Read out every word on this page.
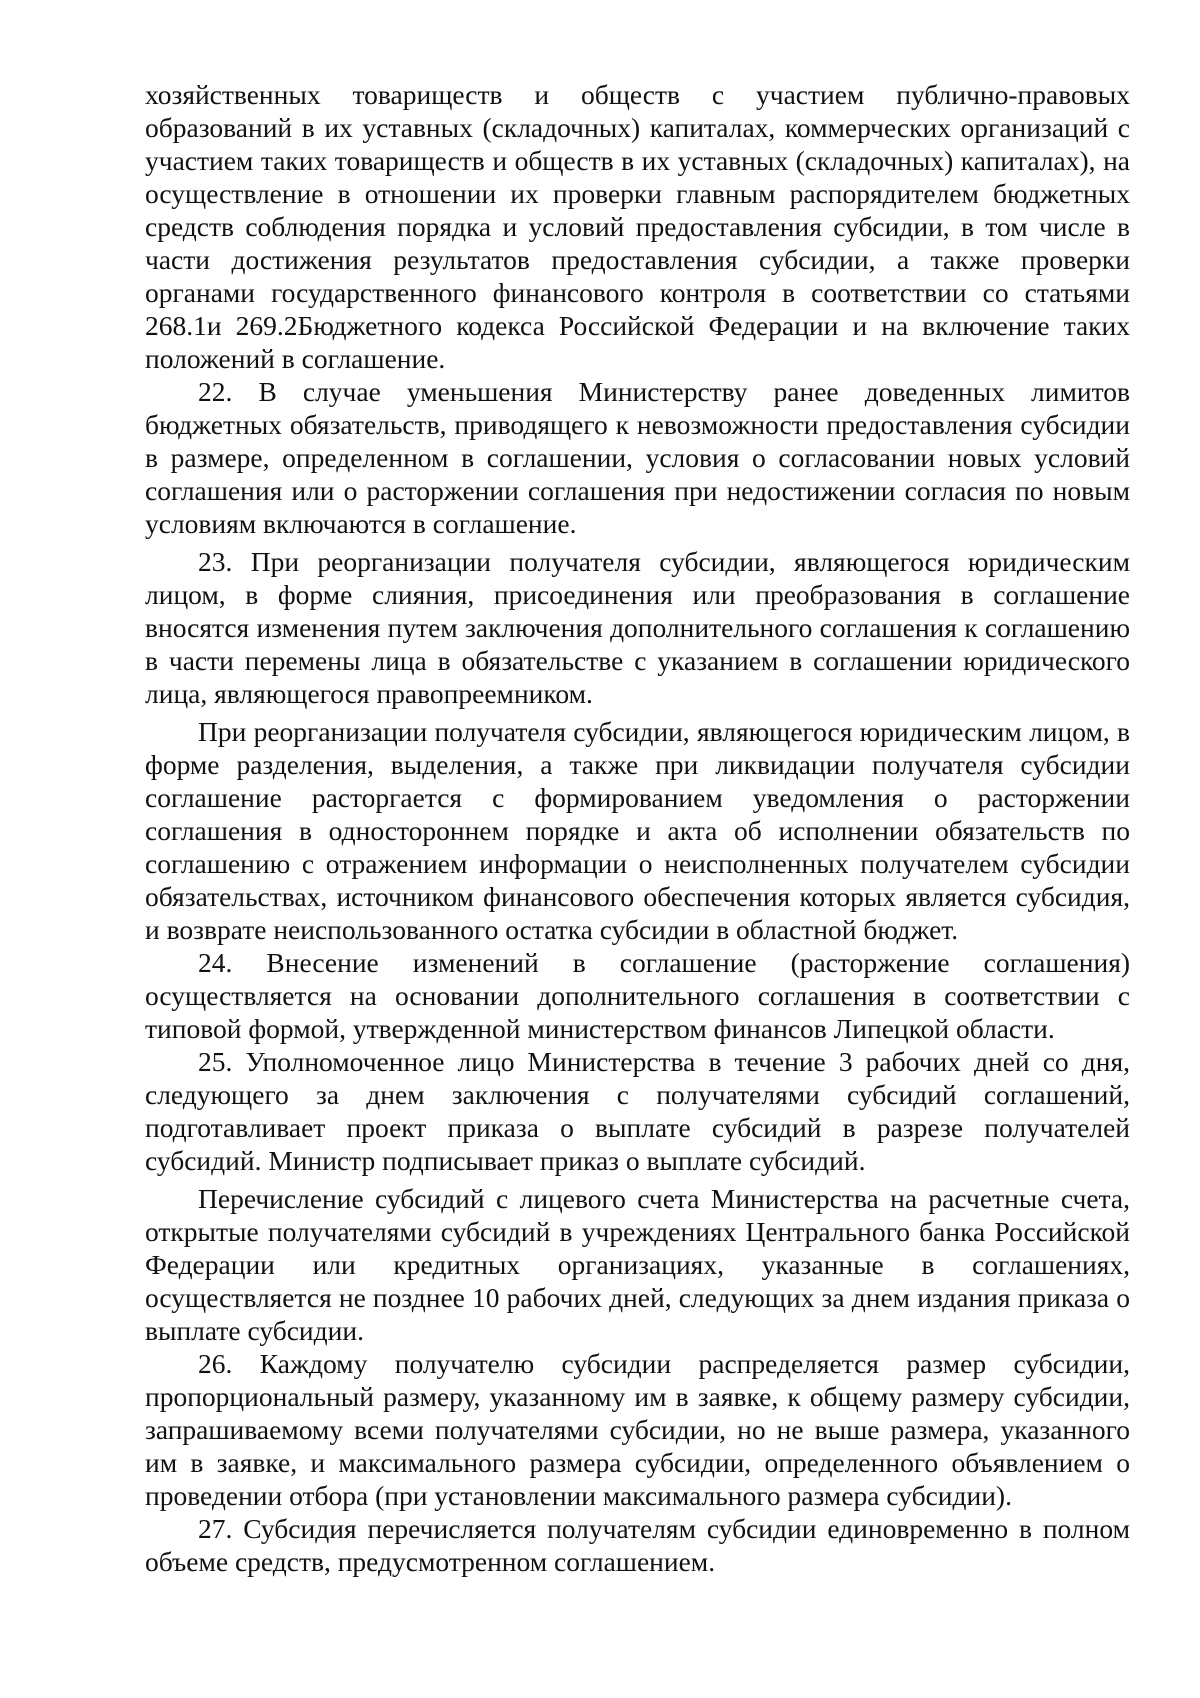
хозяйственных товариществ и обществ с участием публично-правовых образований в их уставных (складочных) капиталах, коммерческих организаций с участием таких товариществ и обществ в их уставных (складочных) капиталах), на осуществление в отношении их проверки главным распорядителем бюджетных средств соблюдения порядка и условий предоставления субсидии, в том числе в части достижения результатов предоставления субсидии, а также проверки органами государственного финансового контроля в соответствии со статьями 268.1и 269.2Бюджетного кодекса Российской Федерации и на включение таких положений в соглашение.

22. В случае уменьшения Министерству ранее доведенных лимитов бюджетных обязательств, приводящего к невозможности предоставления субсидии в размере, определенном в соглашении, условия о согласовании новых условий соглашения или о расторжении соглашения при недостижении согласия по новым условиям включаются в соглашение.

23. При реорганизации получателя субсидии, являющегося юридическим лицом, в форме слияния, присоединения или преобразования в соглашение вносятся изменения путем заключения дополнительного соглашения к соглашению в части перемены лица в обязательстве с указанием в соглашении юридического лица, являющегося правопреемником.

При реорганизации получателя субсидии, являющегося юридическим лицом, в форме разделения, выделения, а также при ликвидации получателя субсидии соглашение расторгается с формированием уведомления о расторжении соглашения в одностороннем порядке и акта об исполнении обязательств по соглашению с отражением информации о неисполненных получателем субсидии обязательствах, источником финансового обеспечения которых является субсидия, и возврате неиспользованного остатка субсидии в областной бюджет.

24. Внесение изменений в соглашение (расторжение соглашения) осуществляется на основании дополнительного соглашения в соответствии с типовой формой, утвержденной министерством финансов Липецкой области.

25. Уполномоченное лицо Министерства в течение 3 рабочих дней со дня, следующего за днем заключения с получателями субсидий соглашений, подготавливает проект приказа о выплате субсидий в разрезе получателей субсидий. Министр подписывает приказ о выплате субсидий.

Перечисление субсидий с лицевого счета Министерства на расчетные счета, открытые получателями субсидий в учреждениях Центрального банка Российской Федерации или кредитных организациях, указанные в соглашениях, осуществляется не позднее 10 рабочих дней, следующих за днем издания приказа о выплате субсидии.

26. Каждому получателю субсидии распределяется размер субсидии, пропорциональный размеру, указанному им в заявке, к общему размеру субсидии, запрашиваемому всеми получателями субсидии, но не выше размера, указанного им в заявке, и максимального размера субсидии, определенного объявлением о проведении отбора (при установлении максимального размера субсидии).

27. Субсидия перечисляется получателям субсидии единовременно в полном объеме средств, предусмотренном соглашением.
